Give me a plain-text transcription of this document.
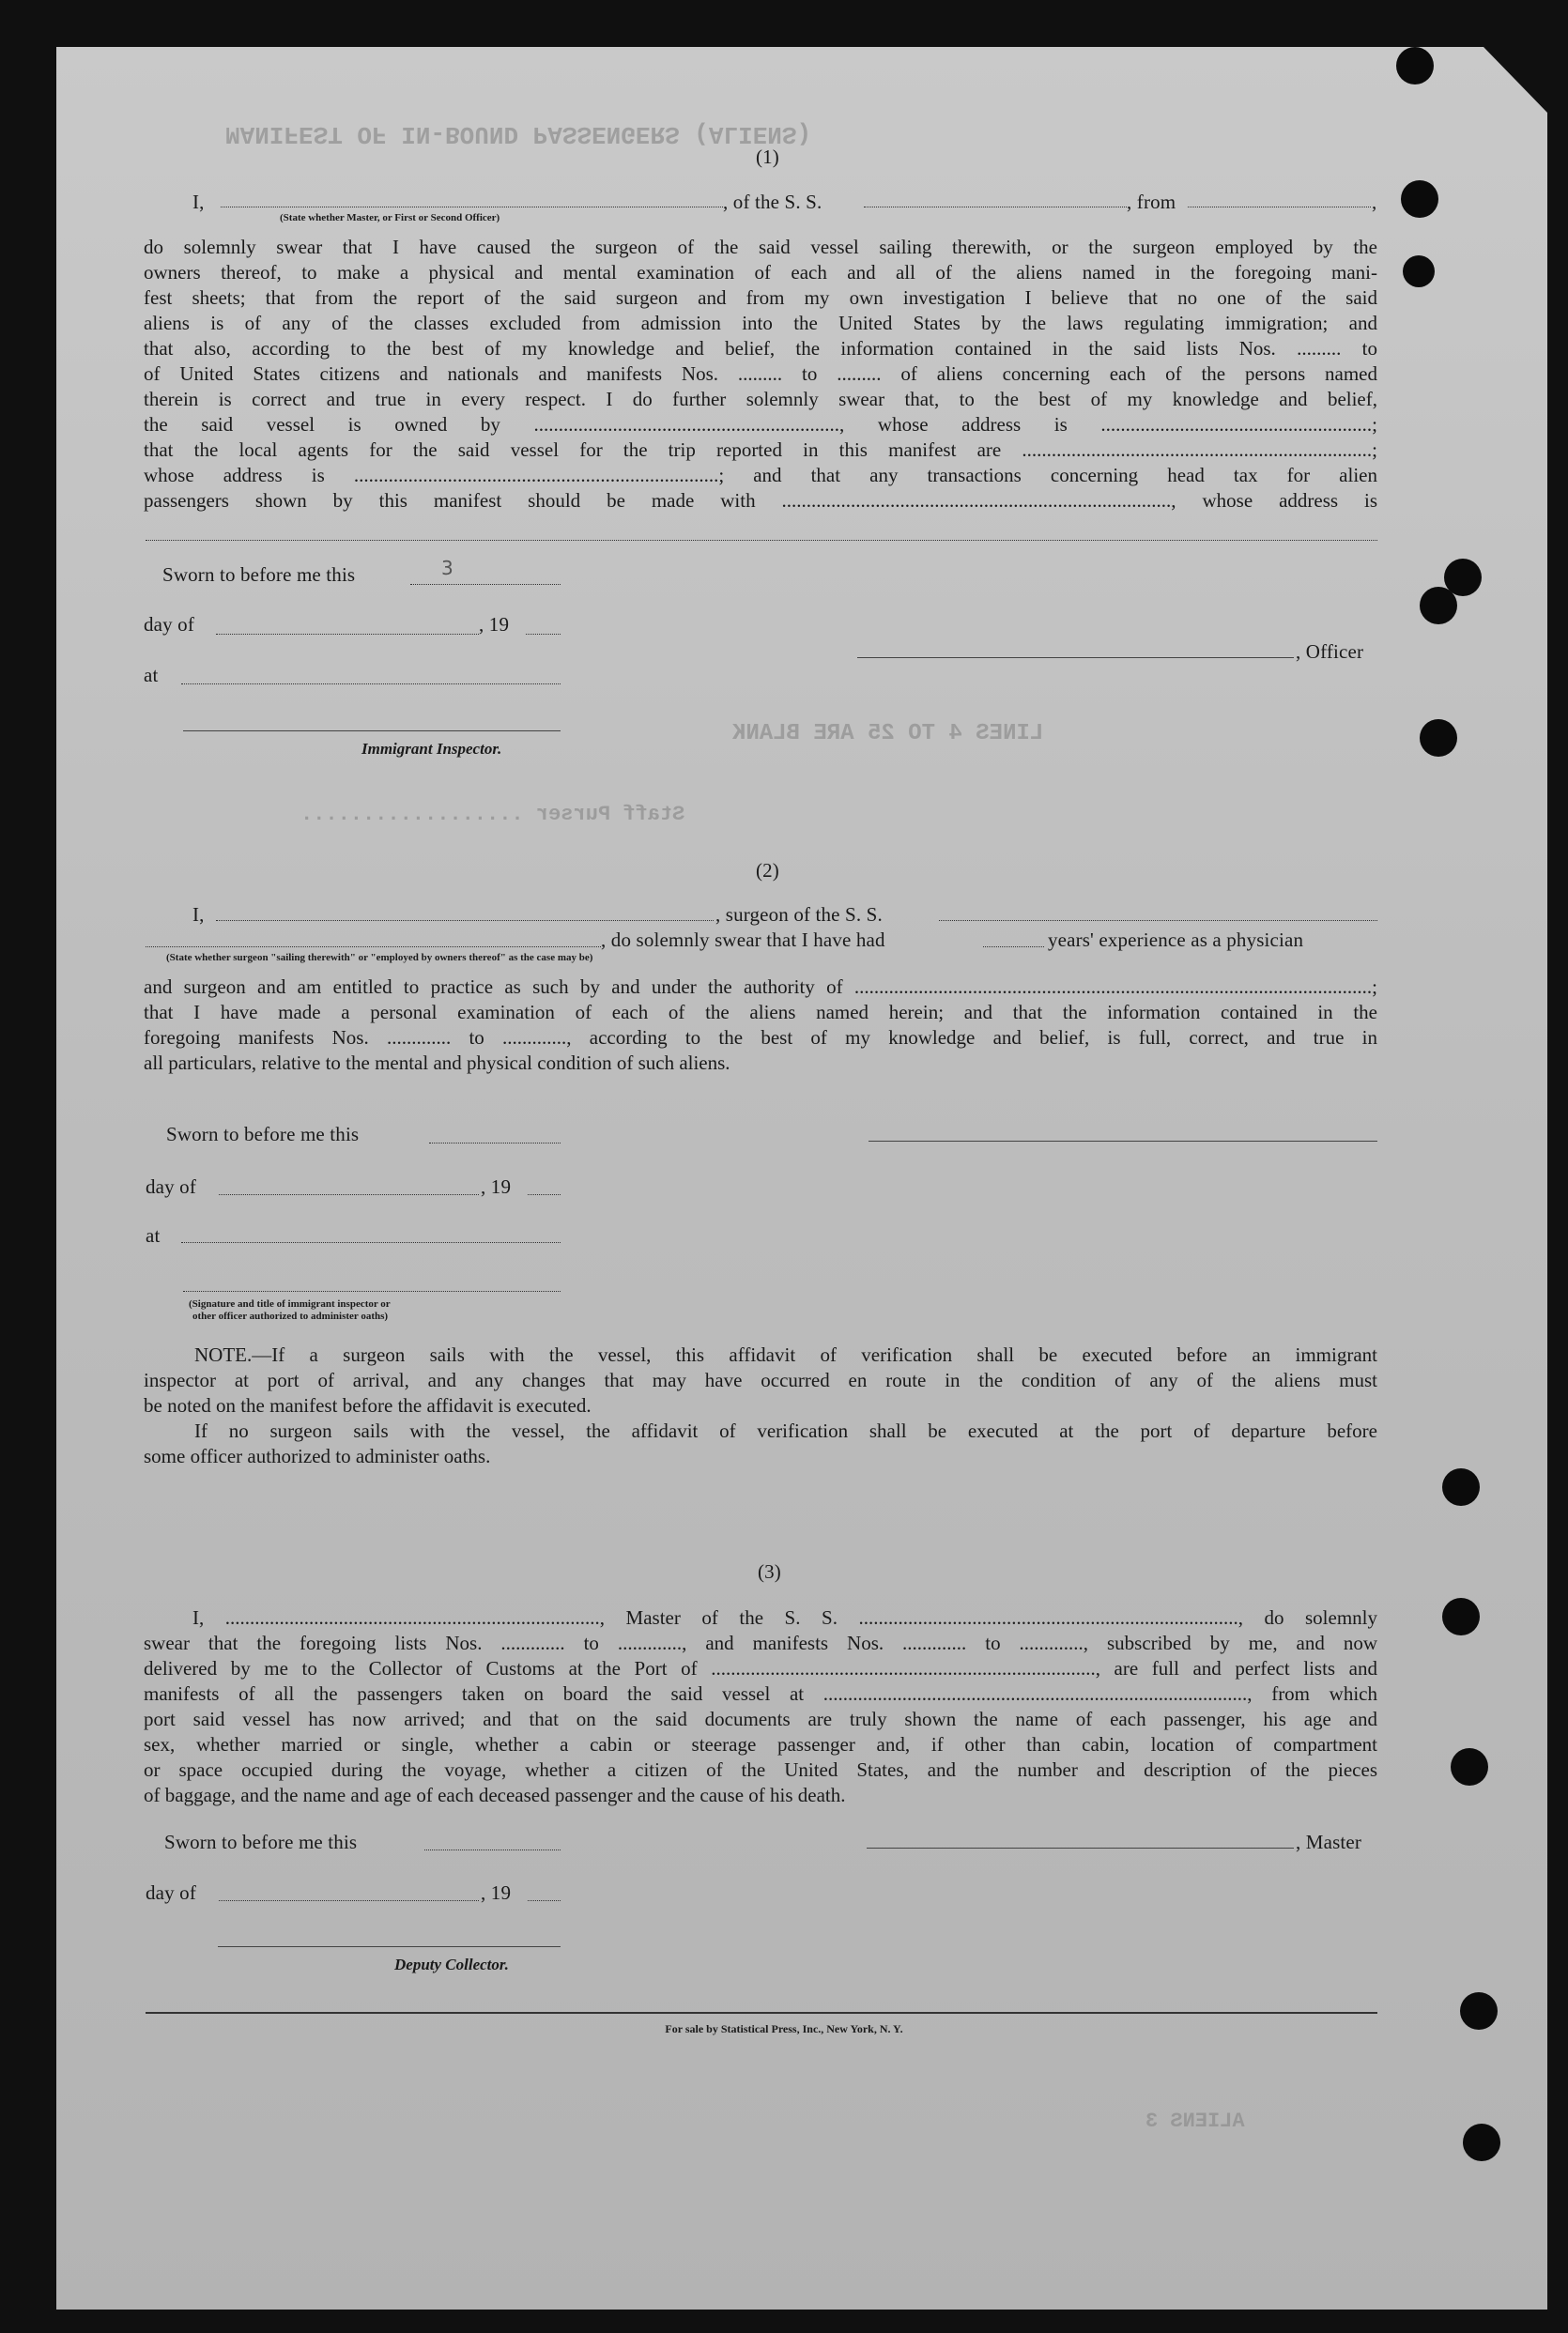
MANIFEST OF IN-BOUND PASSENGERS (ALIENS)
LINES 4 TO 25 ARE BLANK
Staff Purser ..................
ALIENS 3
(1)
I,	, of the S. S.	, from	,
(State whether Master, or First or Second Officer)
do solemnly swear that I have caused the surgeon of the said vessel sailing therewith, or the surgeon employed by the
owners thereof, to make a physical and mental examination of each and all of the aliens named in the foregoing mani-
fest sheets; that from the report of the said surgeon and from my own investigation I believe that no one of the said
aliens is of any of the classes excluded from admission into the United States by the laws regulating immigration; and
that also, according to the best of my knowledge and belief, the information contained in the said lists Nos. ......... to
of United States citizens and nationals and manifests Nos. ......... to ......... of aliens concerning each of the persons named
therein is correct and true in every respect. I do further solemnly swear that, to the best of my knowledge and belief,
the said vessel is owned by .............................................................., whose address is .......................................................;
that the local agents for the said vessel for the trip reported in this manifest are .......................................................................;
whose address is ..........................................................................; and that any transactions concerning head tax for alien
passengers shown by this manifest should be made with ..............................................................................., whose address is
Sworn to before me this	3
day of	, 19
at
, Officer
Immigrant Inspector.
(2)
I,	, surgeon of the S. S.
, do solemnly swear that I have had	years' experience as a physician
(State whether surgeon "sailing therewith" or "employed by owners thereof" as the case may be)
and surgeon and am entitled to practice as such by and under the authority of .........................................................................................................;
that I have made a personal examination of each of the aliens named herein; and that the information contained in the
foregoing manifests Nos. ............. to ............., according to the best of my knowledge and belief, is full, correct, and true in
all particulars, relative to the mental and physical condition of such aliens.
Sworn to before me this
day of	, 19
at
(Signature and title of immigrant inspector or
other officer authorized to administer oaths)
NOTE.—If a surgeon sails with the vessel, this affidavit of verification shall be executed before an immigrant
inspector at port of arrival, and any changes that may have occurred en route in the condition of any of the aliens must
be noted on the manifest before the affidavit is executed.
If no surgeon sails with the vessel, the affidavit of verification shall be executed at the port of departure before
some officer authorized to administer oaths.
(3)
I, ............................................................................, Master of the S. S. ............................................................................., do solemnly
swear that the foregoing lists Nos. ............. to ............., and manifests Nos. ............. to ............., subscribed by me, and now
delivered by me to the Collector of Customs at the Port of .............................................................................., are full and perfect lists and
manifests of all the passengers taken on board the said vessel at ......................................................................................, from which
port said vessel has now arrived; and that on the said documents are truly shown the name of each passenger, his age and
sex, whether married or single, whether a cabin or steerage passenger and, if other than cabin, location of compartment
or space occupied during the voyage, whether a citizen of the United States, and the number and description of the pieces
of baggage, and the name and age of each deceased passenger and the cause of his death.
Sworn to before me this	, Master
day of	, 19
Deputy Collector.
For sale by Statistical Press, Inc., New York, N. Y.
